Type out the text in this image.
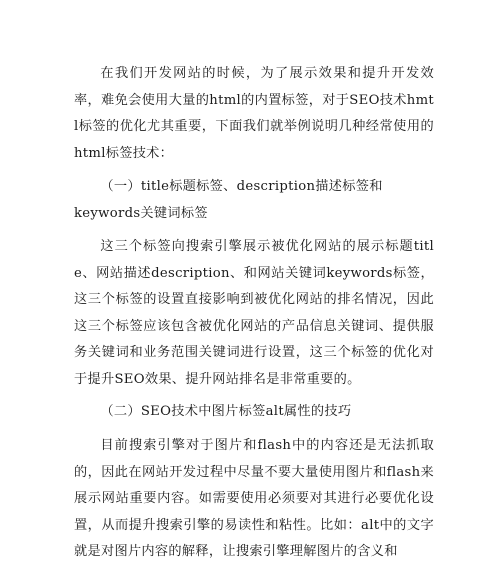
在我们开发网站的时候，为了展示效果和提升开发效率，难免会使用大量的html的内置标签，对于SEO技术hmtl标签的优化尤其重要，下面我们就举例说明几种经常使用的html标签技术：

（一）title标题标签、description描述标签和keywords关键词标签

这三个标签向搜索引擎展示被优化网站的展示标题title、网站描述description、和网站关键词keywords标签，这三个标签的设置直接影响到被优化网站的排名情况，因此这三个标签应该包含被优化网站的产品信息关键词、提供服务关键词和业务范围关键词进行设置，这三个标签的优化对于提升SEO效果、提升网站排名是非常重要的。

（二）SEO技术中图片标签alt属性的技巧

目前搜索引擎对于图片和flash中的内容还是无法抓取的，因此在网站开发过程中尽量不要大量使用图片和flash来展示网站重要内容。如需要使用必须要对其进行必要优化设置，从而提升搜索引擎的易读性和粘性。比如：alt中的文字就是对图片内容的解释，让搜索引擎理解图片的含义和
